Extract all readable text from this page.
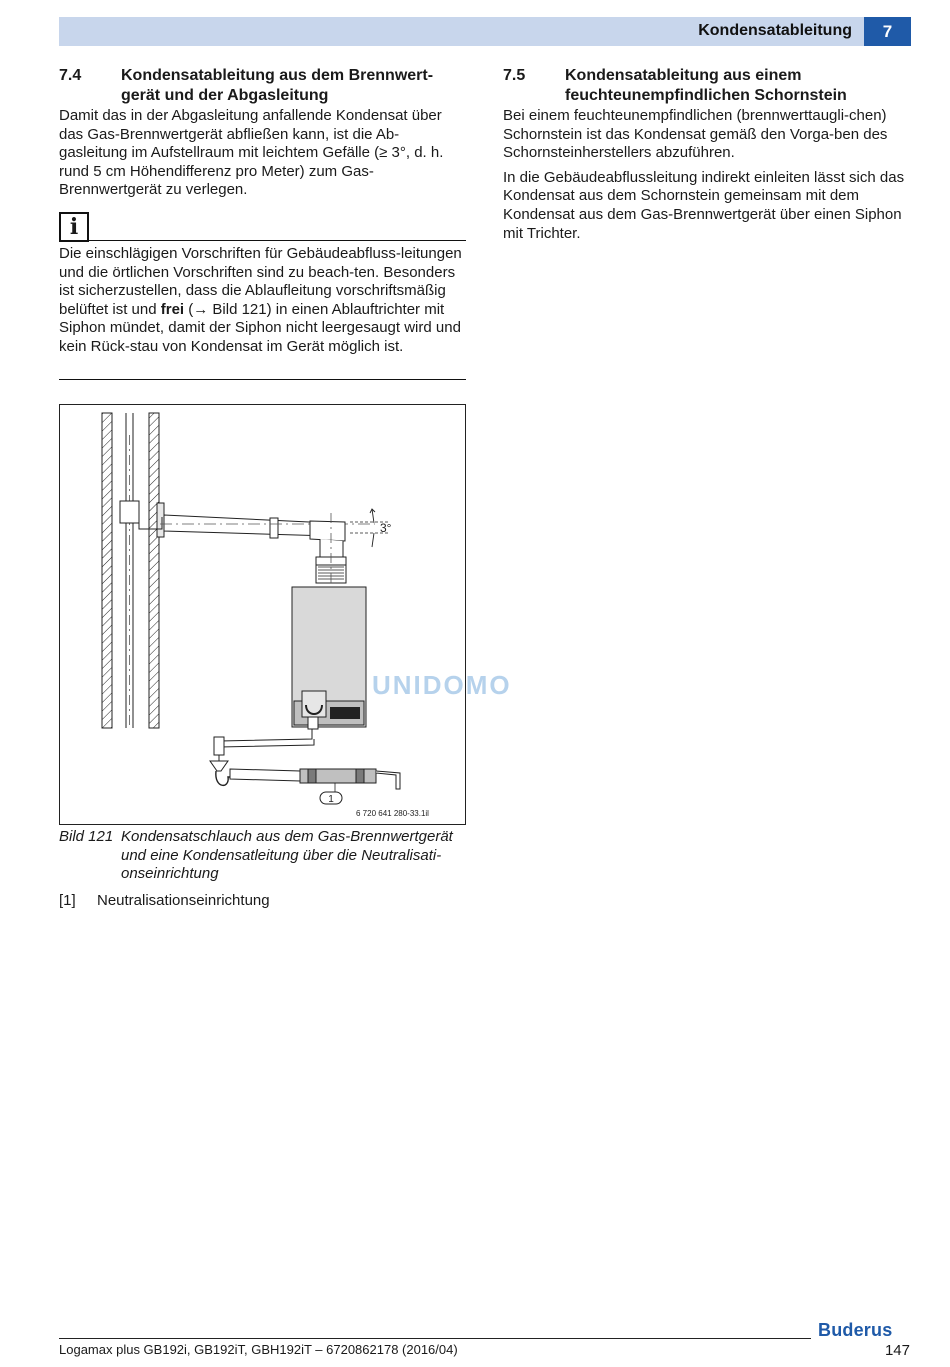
Kondensatableitung	7
7.4 Kondensatableitung aus dem Brennwert-
gerät und der Abgasleitung

Damit das in der Abgasleitung anfallende Kondensat über das Gas-Brennwertgerät abfließen kann, ist die Ab-gasleitung im Aufstellraum mit leichtem Gefälle (≥ 3°, d. h. rund 5 cm Höhendifferenz pro Meter) zum Gas-Brennwertgerät zu verlegen.

i

Die einschlägigen Vorschriften für Gebäudeabfluss-leitungen und die örtlichen Vorschriften sind zu beach-ten. Besonders ist sicherzustellen, dass die Ablaufleitung vorschriftsmäßig belüftet ist und frei (→ Bild 121) in einen Ablauftrichter mit Siphon mündet, damit der Siphon nicht leergesaugt wird und kein Rück-stau von Kondensat im Gerät möglich ist.

3°
1
6 720 641 280-33.1il
UNIDOMO
Bild 121 Kondensatschlauch aus dem Gas-Brennwertgerät und eine Kondensatleitung über die Neutralisati-onseinrichtung
[1] Neutralisationseinrichtung
7.5 Kondensatableitung aus einem
feuchteunempfindlichen Schornstein

Bei einem feuchteunempfindlichen (brennwerttaugli-chen) Schornstein ist das Kondensat gemäß den Vorga-ben des Schornsteinherstellers abzuführen.

In die Gebäudeabflussleitung indirekt einleiten lässt sich das Kondensat aus dem Schornstein gemeinsam mit dem Kondensat aus dem Gas-Brennwertgerät über einen Siphon mit Trichter.

Buderus
Logamax plus GB192i, GB192iT, GBH192iT – 6720862178 (2016/04)	147
